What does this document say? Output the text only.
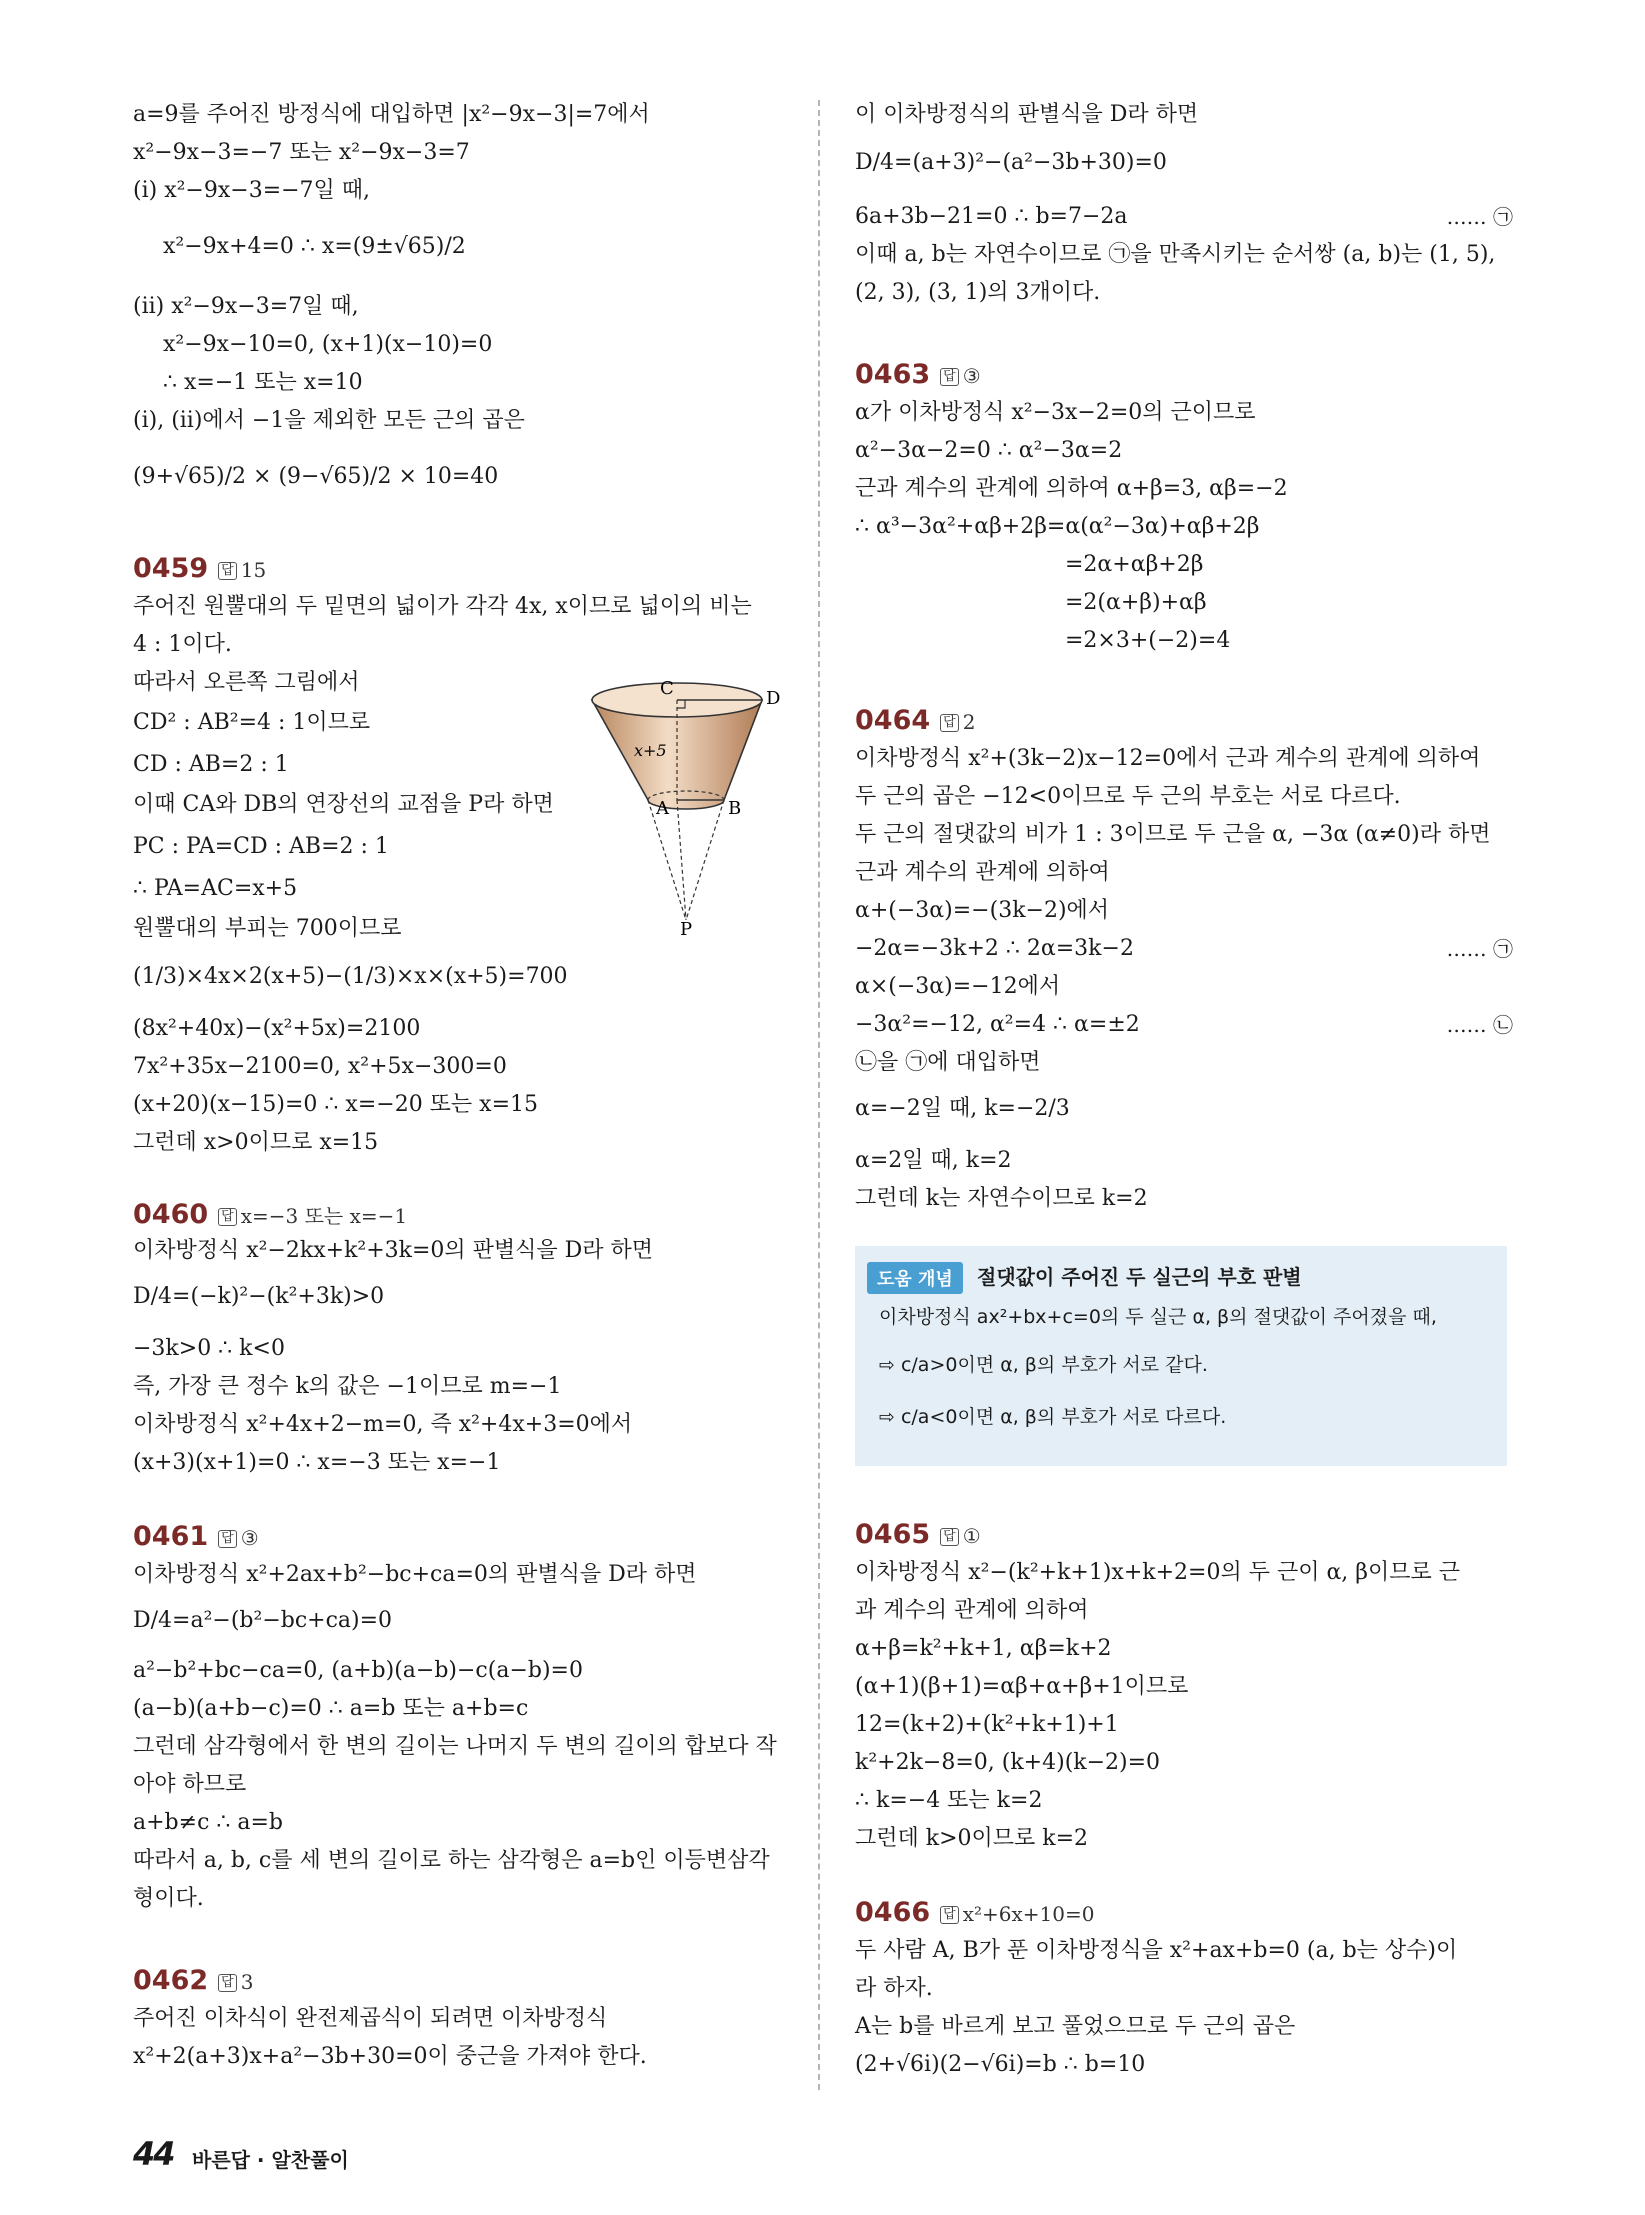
a=9를 주어진 방정식에 대입하면 |x²−9x−3|=7에서
x²−9x−3=−7 또는 x²−9x−3=7
(i) x²−9x−3=−7일 때,
x²−9x+4=0 ∴ x=(9±√65)/2
(ii) x²−9x−3=7일 때,
x²−9x−10=0, (x+1)(x−10)=0
∴ x=−1 또는 x=10
(i), (ii)에서 −1을 제외한 모든 근의 곱은
(9+√65)/2 × (9−√65)/2 × 10=40
0459 답 15
주어진 원뿔대의 두 밑면의 넓이가 각각 4x, x이므로 넓이의 비는
4 : 1이다.
따라서 오른쪽 그림에서
CD² : AB²=4 : 1이므로
CD : AB=2 : 1
이때 CA와 DB의 연장선의 교점을 P라 하면
PC : PA=CD : AB=2 : 1
∴ PA=AC=x+5
원뿔대의 부피는 700이므로
(1/3)×4x×2(x+5)−(1/3)×x×(x+5)=700
(8x²+40x)−(x²+5x)=2100
7x²+35x−2100=0, x²+5x−300=0
(x+20)(x−15)=0 ∴ x=−20 또는 x=15
그런데 x>0이므로 x=15
0460 답 x=−3 또는 x=−1
이차방정식 x²−2kx+k²+3k=0의 판별식을 D라 하면
D/4=(−k)²−(k²+3k)>0
−3k>0 ∴ k<0
즉, 가장 큰 정수 k의 값은 −1이므로 m=−1
이차방정식 x²+4x+2−m=0, 즉 x²+4x+3=0에서
(x+3)(x+1)=0 ∴ x=−3 또는 x=−1
0461 답 ③
이차방정식 x²+2ax+b²−bc+ca=0의 판별식을 D라 하면
D/4=a²−(b²−bc+ca)=0
a²−b²+bc−ca=0, (a+b)(a−b)−c(a−b)=0
(a−b)(a+b−c)=0 ∴ a=b 또는 a+b=c
그런데 삼각형에서 한 변의 길이는 나머지 두 변의 길이의 합보다 작
아야 하므로
a+b≠c ∴ a=b
따라서 a, b, c를 세 변의 길이로 하는 삼각형은 a=b인 이등변삼각
형이다.
0462 답 3
주어진 이차식이 완전제곱식이 되려면 이차방정식
x²+2(a+3)x+a²−3b+30=0이 중근을 가져야 한다.
C	D
A	B
P
x+5
이 이차방정식의 판별식을 D라 하면
D/4=(a+3)²−(a²−3b+30)=0
6a+3b−21=0 ∴ b=7−2a	…… ㉠
이때 a, b는 자연수이므로 ㉠을 만족시키는 순서쌍 (a, b)는 (1, 5),
(2, 3), (3, 1)의 3개이다.
0463 답 ③
α가 이차방정식 x²−3x−2=0의 근이므로
α²−3α−2=0 ∴ α²−3α=2
근과 계수의 관계에 의하여 α+β=3, αβ=−2
∴ α³−3α²+αβ+2β=α(α²−3α)+αβ+2β
=2α+αβ+2β
=2(α+β)+αβ
=2×3+(−2)=4
0464 답 2
이차방정식 x²+(3k−2)x−12=0에서 근과 계수의 관계에 의하여
두 근의 곱은 −12<0이므로 두 근의 부호는 서로 다르다.
두 근의 절댓값의 비가 1 : 3이므로 두 근을 α, −3α (α≠0)라 하면
근과 계수의 관계에 의하여
α+(−3α)=−(3k−2)에서
−2α=−3k+2 ∴ 2α=3k−2	…… ㉠
α×(−3α)=−12에서
−3α²=−12, α²=4 ∴ α=±2	…… ㉡
㉡을 ㉠에 대입하면
α=−2일 때, k=−2/3
α=2일 때, k=2
그런데 k는 자연수이므로 k=2
도움 개념	절댓값이 주어진 두 실근의 부호 판별
이차방정식 ax²+bx+c=0의 두 실근 α, β의 절댓값이 주어졌을 때,
⇨ c/a>0이면 α, β의 부호가 서로 같다.
⇨ c/a<0이면 α, β의 부호가 서로 다르다.
0465 답 ①
이차방정식 x²−(k²+k+1)x+k+2=0의 두 근이 α, β이므로 근
과 계수의 관계에 의하여
α+β=k²+k+1, αβ=k+2
(α+1)(β+1)=αβ+α+β+1이므로
12=(k+2)+(k²+k+1)+1
k²+2k−8=0, (k+4)(k−2)=0
∴ k=−4 또는 k=2
그런데 k>0이므로 k=2
0466 답 x²+6x+10=0
두 사람 A, B가 푼 이차방정식을 x²+ax+b=0 (a, b는 상수)이
라 하자.
A는 b를 바르게 보고 풀었으므로 두 근의 곱은
(2+√6i)(2−√6i)=b ∴ b=10
44 바른답 · 알찬풀이
